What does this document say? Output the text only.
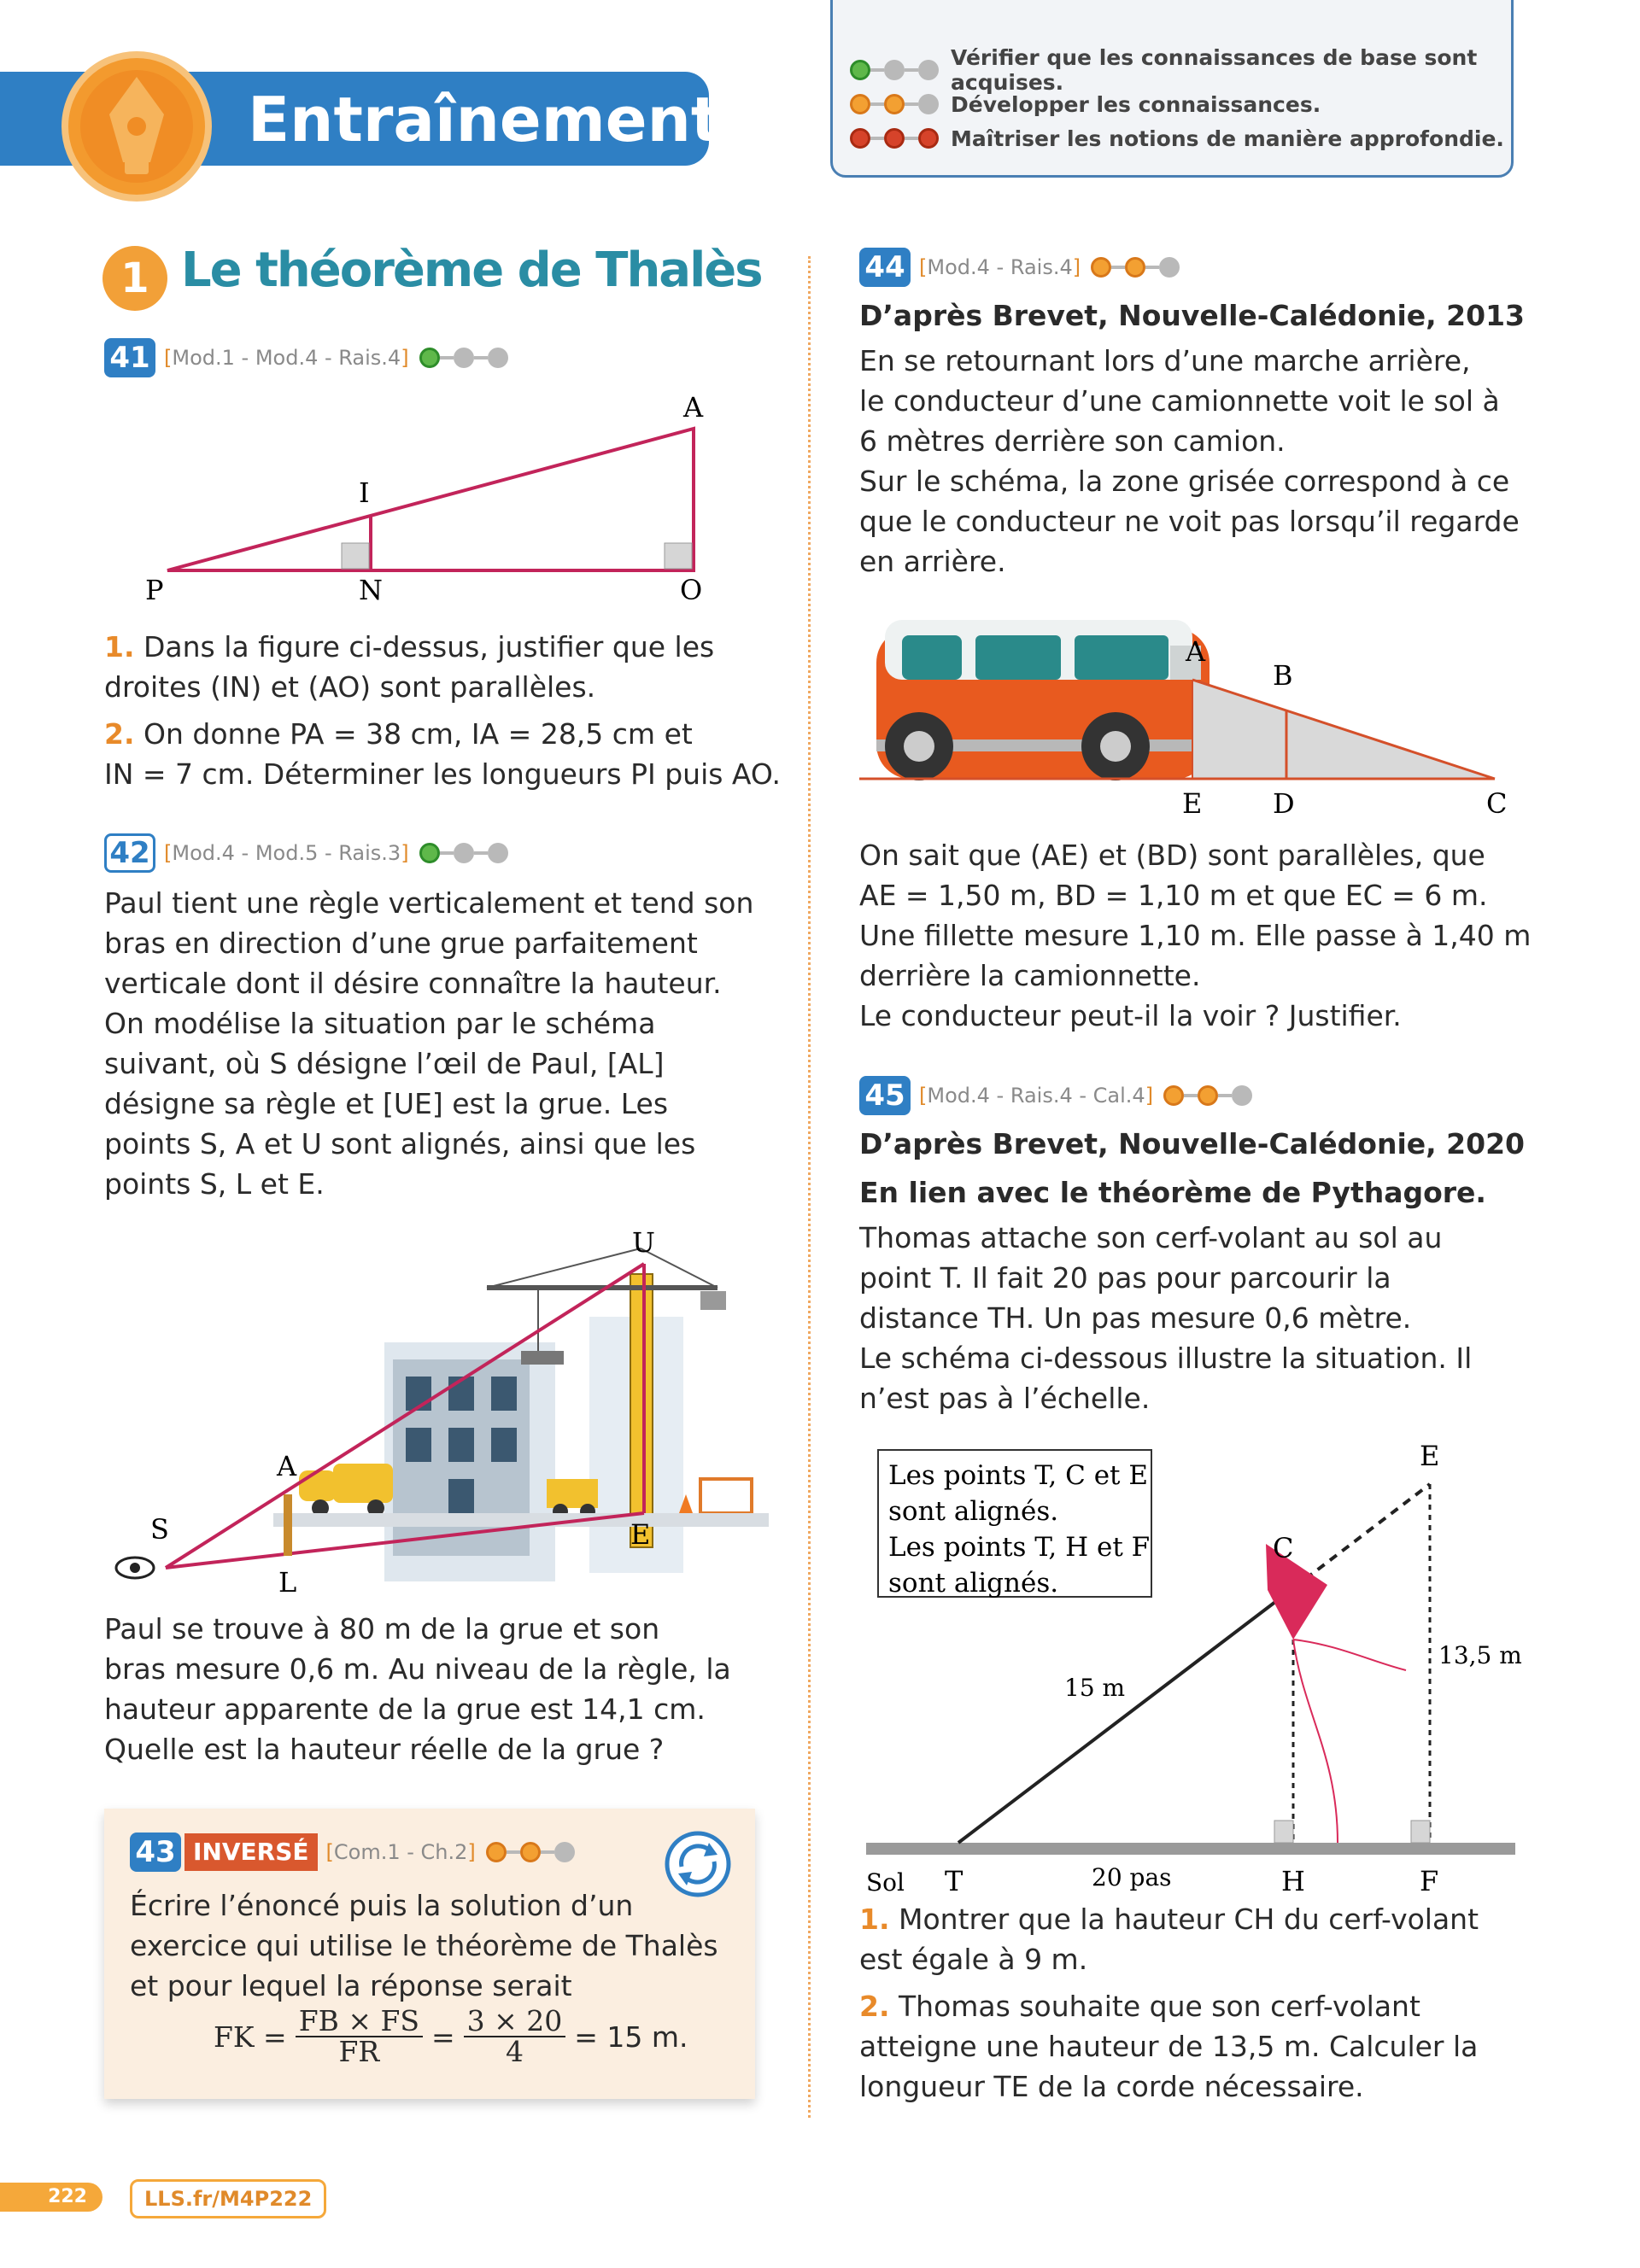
Entraînement
Vérifier que les connaissances de base sont acquises.
Développer les connaissances.
Maîtriser les notions de manière approfondie.
1 Le théorème de Thalès
41 [Mod.1 - Mod.4 - Rais.4]
A
I
P	N	O
1. Dans la figure ci-dessus, justifier que les
droites (IN) et (AO) sont parallèles.
2. On donne PA = 38 cm, IA = 28,5 cm et
IN = 7 cm. Déterminer les longueurs PI puis AO.
42 [Mod.4 - Mod.5 - Rais.3]
Paul tient une règle verticalement et tend son
bras en direction d’une grue parfaitement
verticale dont il désire connaître la hauteur.
On modélise la situation par le schéma
suivant, où S désigne l’œil de Paul, [AL]
désigne sa règle et [UE] est la grue. Les
points S, A et U sont alignés, ainsi que les
points S, L et E.
U
A
S
L
E
Paul se trouve à 80 m de la grue et son
bras mesure 0,6 m. Au niveau de la règle, la
hauteur apparente de la grue est 14,1 cm.
Quelle est la hauteur réelle de la grue ?
43 INVERSÉ [Com.1 - Ch.2]
Écrire l’énoncé puis la solution d’un
exercice qui utilise le théorème de Thalès
et pour lequel la réponse serait
FK = $\frac{FB \times FS}{FR} = \frac{3 \times 20}{4} = 15$ m.
44 [Mod.4 - Rais.4]
D’après Brevet, Nouvelle-Calédonie, 2013
En se retournant lors d’une marche arrière,
le conducteur d’une camionnette voit le sol à
6 mètres derrière son camion.
Sur le schéma, la zone grisée correspond à ce
que le conducteur ne voit pas lorsqu’il regarde
en arrière.
A
B
E	D	C
On sait que (AE) et (BD) sont parallèles, que
AE = 1,50 m, BD = 1,10 m et que EC = 6 m.
Une fillette mesure 1,10 m. Elle passe à 1,40 m
derrière la camionnette.
Le conducteur peut-il la voir ? Justifier.
45 [Mod.4 - Rais.4 - Cal.4]
D’après Brevet, Nouvelle-Calédonie, 2020
En lien avec le théorème de Pythagore.
Thomas attache son cerf-volant au sol au
point T. Il fait 20 pas pour parcourir la
distance TH. Un pas mesure 0,6 mètre.
Le schéma ci-dessous illustre la situation. Il
n’est pas à l’échelle.
Les points T, C et E
sont alignés.
Les points T, H et F
sont alignés.
E
C
13,5 m
15 m
Sol T	20 pas	H	F
1. Montrer que la hauteur CH du cerf-volant
est égale à 9 m.
2. Thomas souhaite que son cerf-volant
atteigne une hauteur de 13,5 m. Calculer la
longueur TE de la corde nécessaire.
222	LLS.fr/M4P222
